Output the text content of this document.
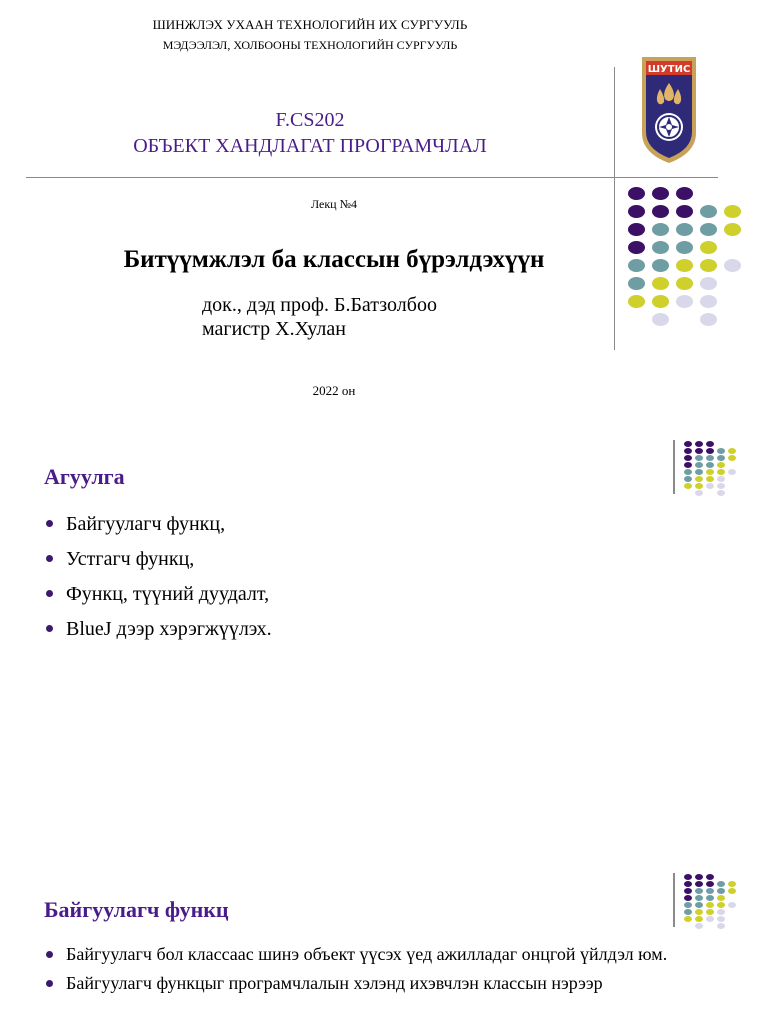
ШИНЖЛЭХ УХААН ТЕХНОЛОГИЙН ИХ СУРГУУЛЬ
МЭДЭЭЛЭЛ, ХОЛБООНЫ ТЕХНОЛОГИЙН СУРГУУЛЬ
F.CS202
ОБЪЕКТ ХАНДЛАГАТ ПРОГРАМЧЛАЛ
ШУТИС
Лекц №4
Битүүмжлэл ба классын бүрэлдэхүүн
док., дэд проф. Б.Батзолбоо
магистр Х.Хулан
2022 он
Агуулга
Байгуулагч функц,
Устгагч функц,
Функц, түүний дуудалт,
BlueJ дээр хэрэгжүүлэх.
Байгуулагч функц
Байгуулагч бол классаас шинэ объект үүсэх үед ажилладаг онцгой үйлдэл юм.
Байгуулагч функцыг програмчлалын хэлэнд ихэвчлэн классын нэрээр
